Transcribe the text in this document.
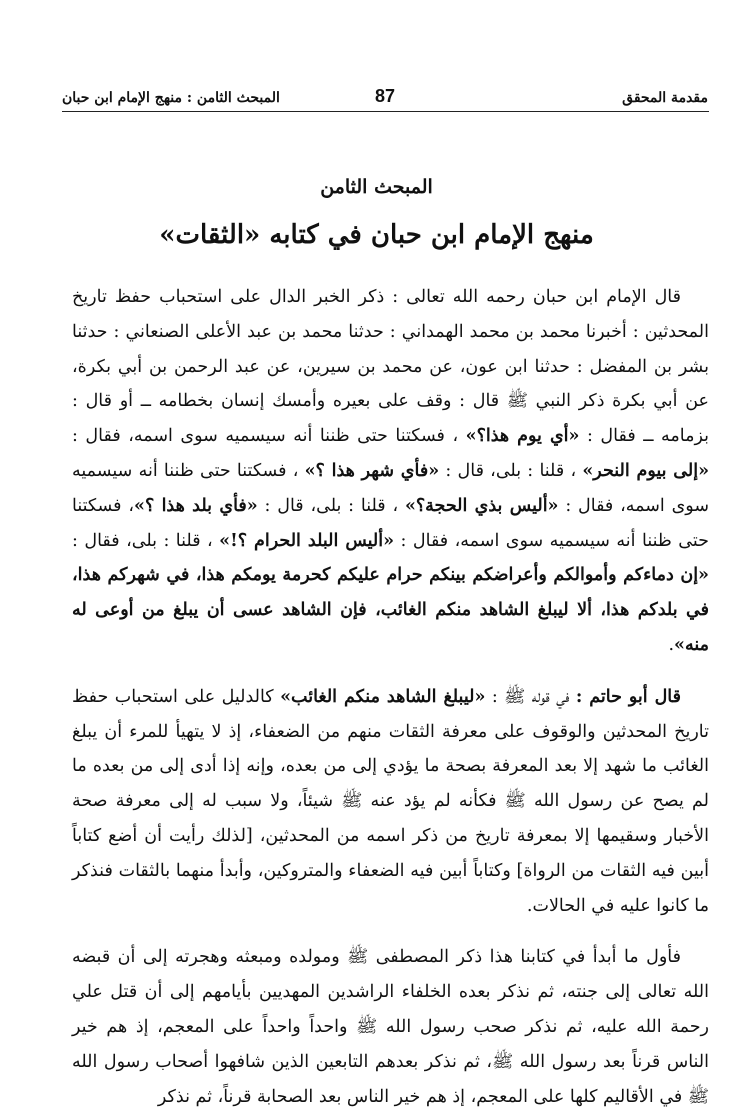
مقدمة المحقق
87
المبحث الثامن : منهج الإمام ابن حبان
المبحث الثامن
منهج الإمام ابن حبان في كتابه «الثقات»

قال الإمام ابن حبان رحمه الله تعالى : ذكر الخبر الدال على استحباب حفظ تاريخ المحدثين : أخبرنا محمد بن محمد الهمداني : حدثنا محمد بن عبد الأعلى الصنعاني : حدثنا بشر بن المفضل : حدثنا ابن عون، عن محمد بن سيرين، عن عبد الرحمن بن أبي بكرة، عن أبي بكرة ذكر النبي ﷺ قال : وقف على بعيره وأمسك إنسان بخطامه ــ أو قال : بزمامه ــ فقال : «أي يوم هذا؟» ، فسكتنا حتى ظننا أنه سيسميه سوى اسمه، فقال : «إلى بيوم النحر» ، قلنا : بلى، قال : «فأي شهر هذا ؟» ، فسكتنا حتى ظننا أنه سيسميه سوى اسمه، فقال : «أليس بذي الحجة؟» ، قلنا : بلى، قال : «فأي بلد هذا ؟»، فسكتنا حتى ظننا أنه سيسميه سوى اسمه، فقال : «أليس البلد الحرام ؟!» ، قلنا : بلى، فقال : «إن دماءكم وأموالكم وأعراضكم بينكم حرام عليكم كحرمة يومكم هذا، في شهركم هذا، في بلدكم هذا، ألا ليبلغ الشاهد منكم الغائب، فإن الشاهد عسى أن يبلغ من أوعى له منه».

قال أبو حاتم : في قوله ﷺ : «ليبلغ الشاهد منكم الغائب» كالدليل على استحباب حفظ تاريخ المحدثين والوقوف على معرفة الثقات منهم من الضعفاء، إذ لا يتهيأ للمرء أن يبلغ الغائب ما شهد إلا بعد المعرفة بصحة ما يؤدي إلى من بعده، وإنه إذا أدى إلى من بعده ما لم يصح عن رسول الله ﷺ فكأنه لم يؤد عنه ﷺ شيئاً، ولا سبب له إلى معرفة صحة الأخبار وسقيمها إلا بمعرفة تاريخ من ذكر اسمه من المحدثين، [لذلك رأيت أن أضع كتاباً أبين فيه الثقات من الرواة] وكتاباً أبين فيه الضعفاء والمتروكين، وأبدأ منهما بالثقات فنذكر ما كانوا عليه في الحالات.

فأول ما أبدأ في كتابنا هذا ذكر المصطفى ﷺ ومولده ومبعثه وهجرته إلى أن قبضه الله تعالى إلى جنته، ثم نذكر بعده الخلفاء الراشدين المهديين بأيامهم إلى أن قتل علي رحمة الله عليه، ثم نذكر صحب رسول الله ﷺ واحداً واحداً على المعجم، إذ هم خير الناس قرناً بعد رسول الله ﷺ، ثم نذكر بعدهم التابعين الذين شافهوا أصحاب رسول الله ﷺ في الأقاليم كلها على المعجم، إذ هم خير الناس بعد الصحابة قرناً، ثم نذكر
